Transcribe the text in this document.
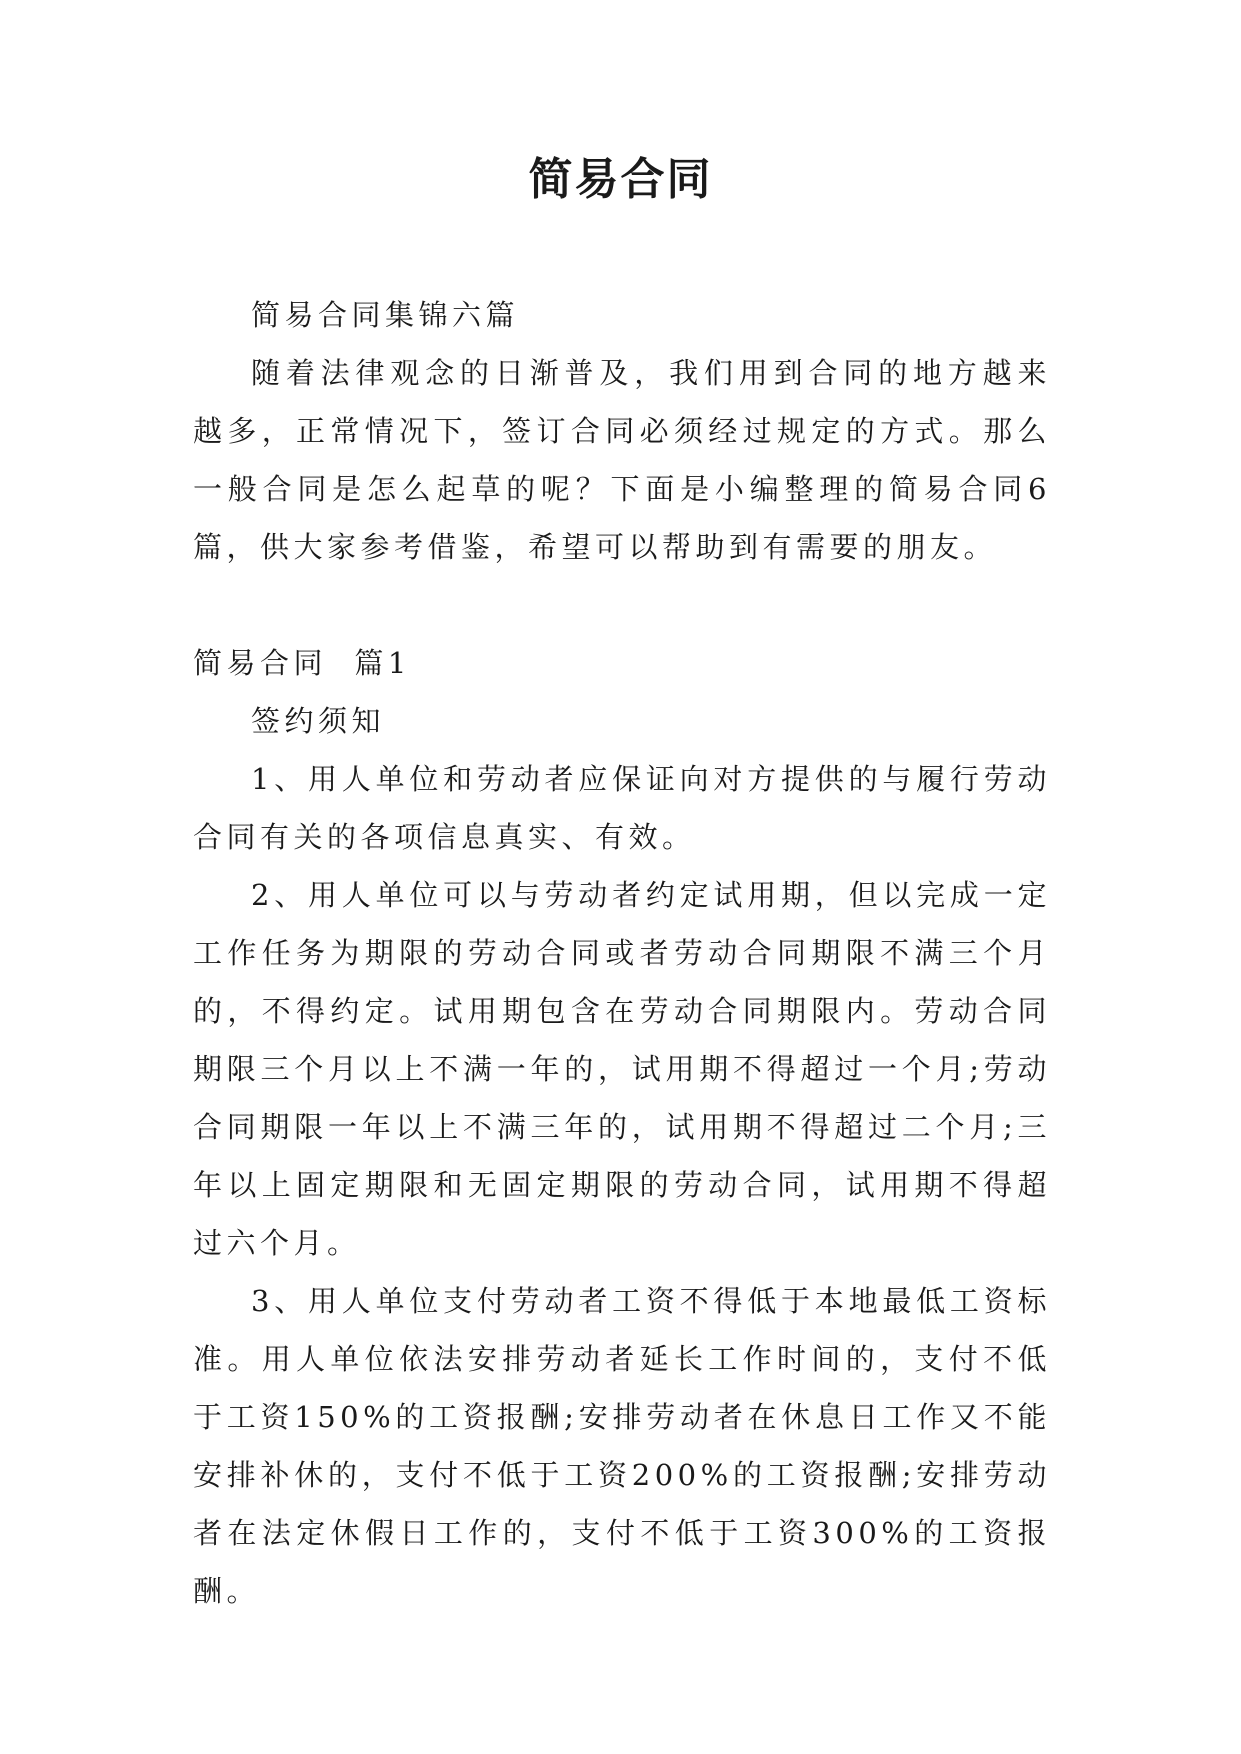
简易合同

简易合同集锦六篇

随着法律观念的日渐普及，我们用到合同的地方越来越多，正常情况下，签订合同必须经过规定的方式。那么一般合同是怎么起草的呢？下面是小编整理的简易合同6篇，供大家参考借鉴，希望可以帮助到有需要的朋友。

简易合同  篇1

签约须知

1、用人单位和劳动者应保证向对方提供的与履行劳动合同有关的各项信息真实、有效。

2、用人单位可以与劳动者约定试用期，但以完成一定工作任务为期限的劳动合同或者劳动合同期限不满三个月的，不得约定。试用期包含在劳动合同期限内。劳动合同期限三个月以上不满一年的，试用期不得超过一个月;劳动合同期限一年以上不满三年的，试用期不得超过二个月;三年以上固定期限和无固定期限的劳动合同，试用期不得超过六个月。

3、用人单位支付劳动者工资不得低于本地最低工资标准。用人单位依法安排劳动者延长工作时间的，支付不低于工资150%的工资报酬;安排劳动者在休息日工作又不能安排补休的，支付不低于工资200%的工资报酬;安排劳动者在法定休假日工作的，支付不低于工资300%的工资报酬。
